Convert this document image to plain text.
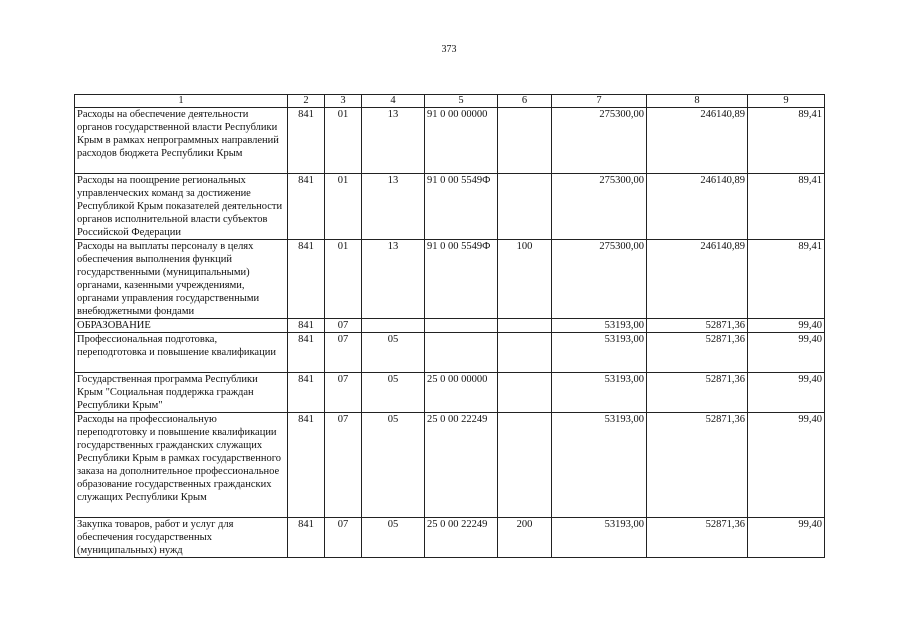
373
1	2	3	4	5	6	7	8	9
Расходы на обеспечение деятельности органов государственной власти Республики Крым в рамках непрограммных направлений расходов бюджета Республики Крым	841	01	13	91 0 00 00000		275300,00	246140,89	89,41
Расходы на поощрение региональных управленческих команд за достижение Республикой Крым показателей деятельности органов исполнительной власти субъектов Российской Федерации	841	01	13	91 0 00 5549Ф		275300,00	246140,89	89,41
Расходы на выплаты персоналу в целях обеспечения выполнения функций государственными (муниципальными) органами, казенными учреждениями, органами управления государственными внебюджетными фондами	841	01	13	91 0 00 5549Ф	100	275300,00	246140,89	89,41
ОБРАЗОВАНИЕ	841	07				53193,00	52871,36	99,40
Профессиональная подготовка, переподготовка и повышение квалификации	841	07	05			53193,00	52871,36	99,40
Государственная программа Республики Крым "Социальная поддержка граждан Республики Крым"	841	07	05	25 0 00 00000		53193,00	52871,36	99,40
Расходы на профессиональную переподготовку и повышение квалификации государственных гражданских служащих Республики Крым в рамках государственного заказа на дополнительное профессиональное образование государственных гражданских служащих Республики Крым	841	07	05	25 0 00 22249		53193,00	52871,36	99,40
Закупка товаров, работ и услуг для обеспечения государственных (муниципальных) нужд	841	07	05	25 0 00 22249	200	53193,00	52871,36	99,40
